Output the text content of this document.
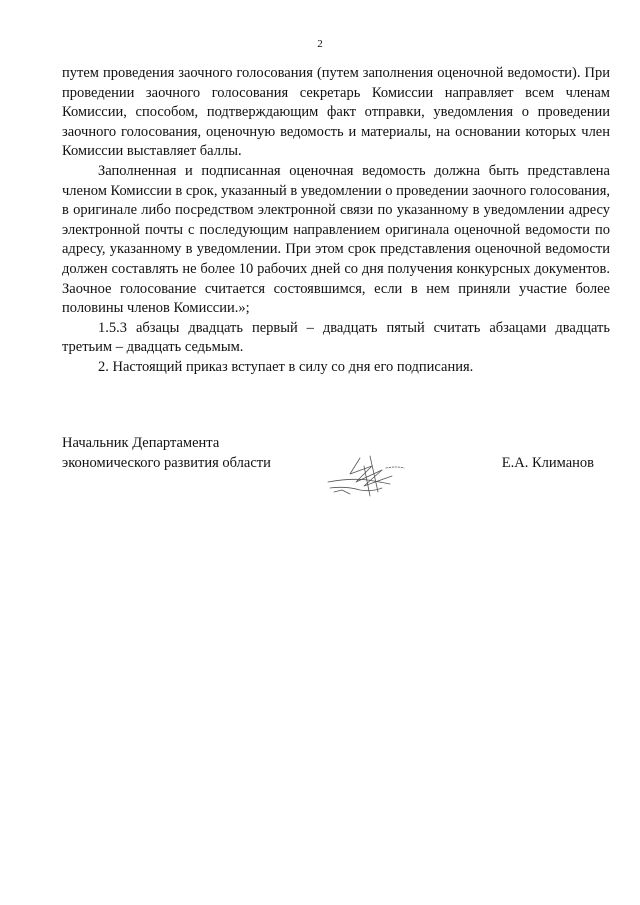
2

путем проведения заочного голосования (путем заполнения оценочной ведомости). При проведении заочного голосования секретарь Комиссии направляет всем членам Комиссии, способом, подтверждающим факт отправки, уведомления о проведении заочного голосования, оценочную ведомость и материалы, на основании которых член Комиссии выставляет баллы.

Заполненная и подписанная оценочная ведомость должна быть представлена членом Комиссии в срок, указанный в уведомлении о проведении заочного голосования, в оригинале либо посредством электронной связи по указанному в уведомлении адресу электронной почты с последующим направлением оригинала оценочной ведомости по адресу, указанному в уведомлении. При этом срок представления оценочной ведомости должен составлять не более 10 рабочих дней со дня получения конкурсных документов. Заочное голосование считается состоявшимся, если в нем приняли участие более половины членов Комиссии.»;

1.5.3 абзацы двадцать первый – двадцать пятый считать абзацами двадцать третьим – двадцать седьмым.

2. Настоящий приказ вступает в силу со дня его подписания.

Начальник Департамента

экономического развития области	Е.А. Климанов
